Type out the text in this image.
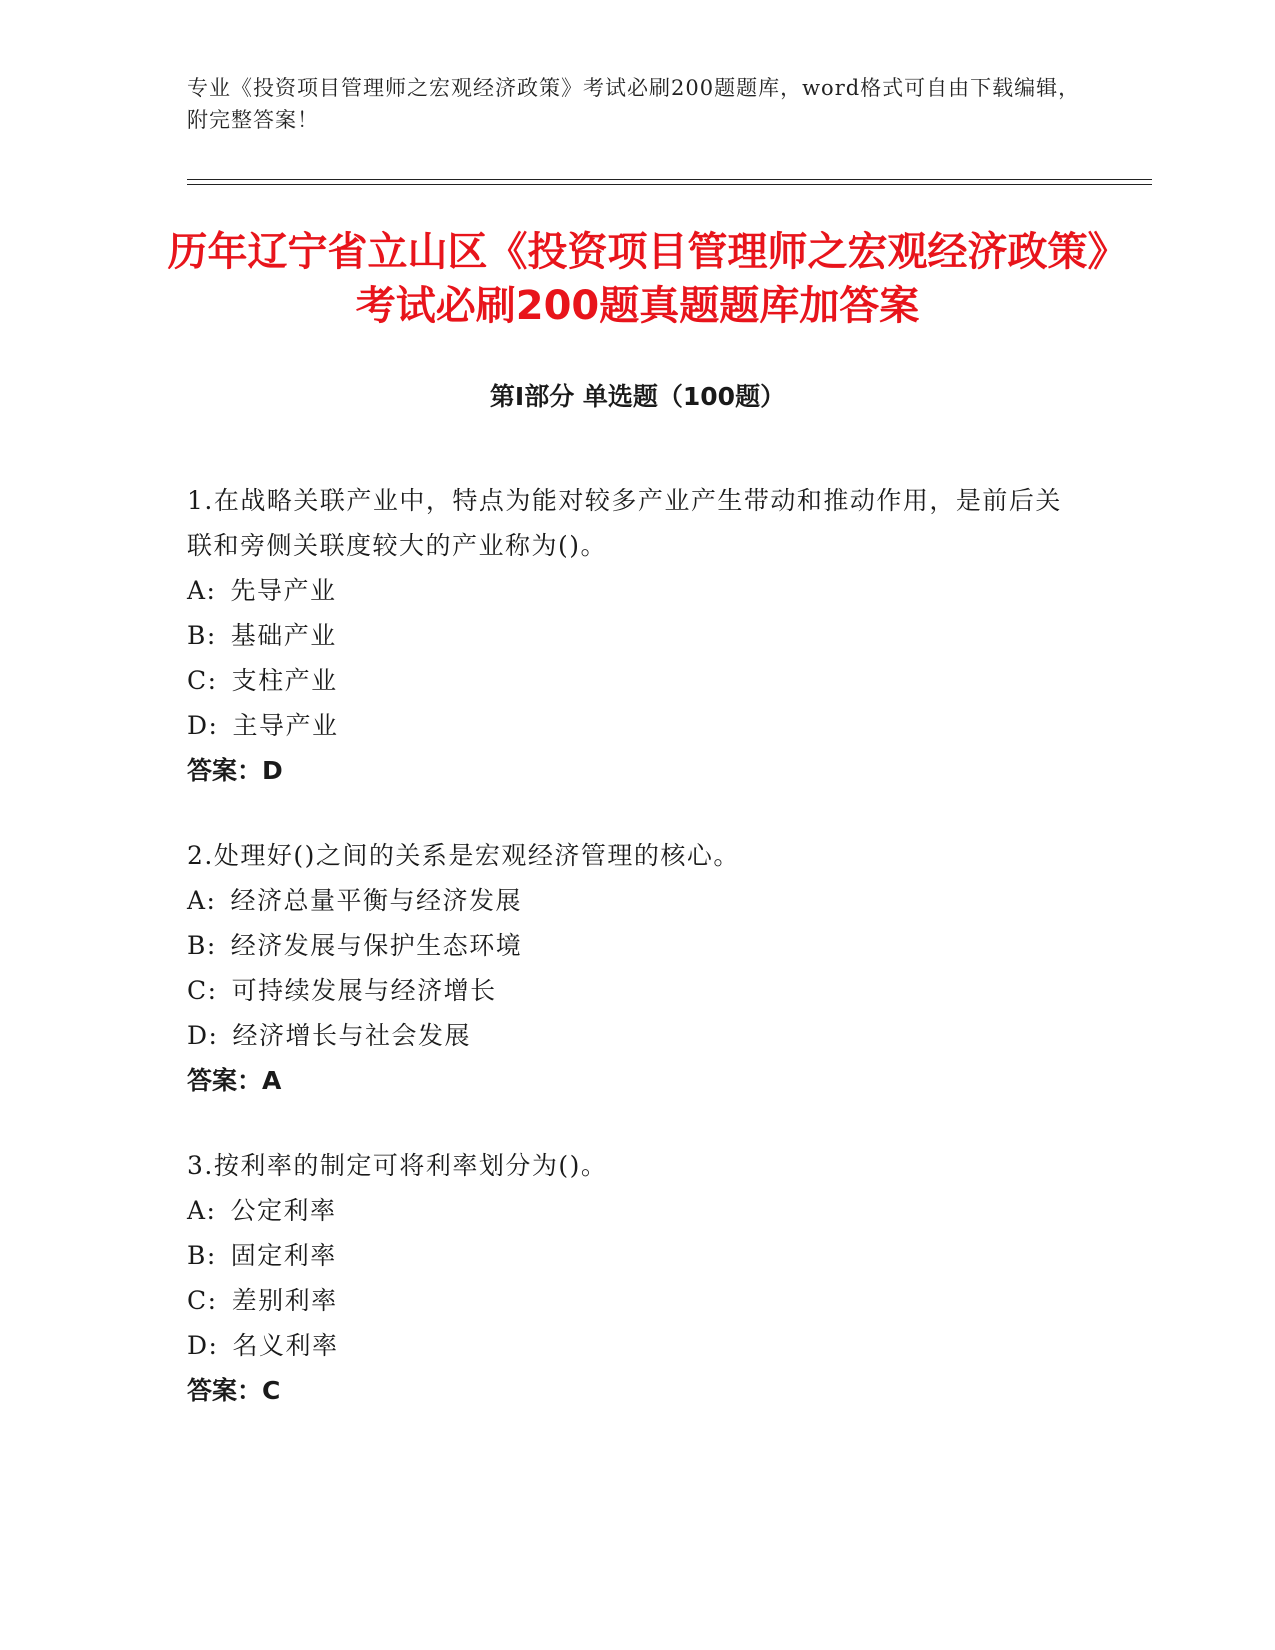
专业《投资项目管理师之宏观经济政策》考试必刷200题题库，word格式可自由下载编辑，附完整答案！
历年辽宁省立山区《投资项目管理师之宏观经济政策》考试必刷200题真题题库加答案
第Ⅰ部分 单选题（100题）
1.在战略关联产业中，特点为能对较多产业产生带动和推动作用，是前后关联和旁侧关联度较大的产业称为()。
A: 先导产业
B: 基础产业
C: 支柱产业
D: 主导产业
答案：D
2.处理好()之间的关系是宏观经济管理的核心。
A: 经济总量平衡与经济发展
B: 经济发展与保护生态环境
C: 可持续发展与经济增长
D: 经济增长与社会发展
答案：A
3.按利率的制定可将利率划分为()。
A: 公定利率
B: 固定利率
C: 差别利率
D: 名义利率
答案：C
